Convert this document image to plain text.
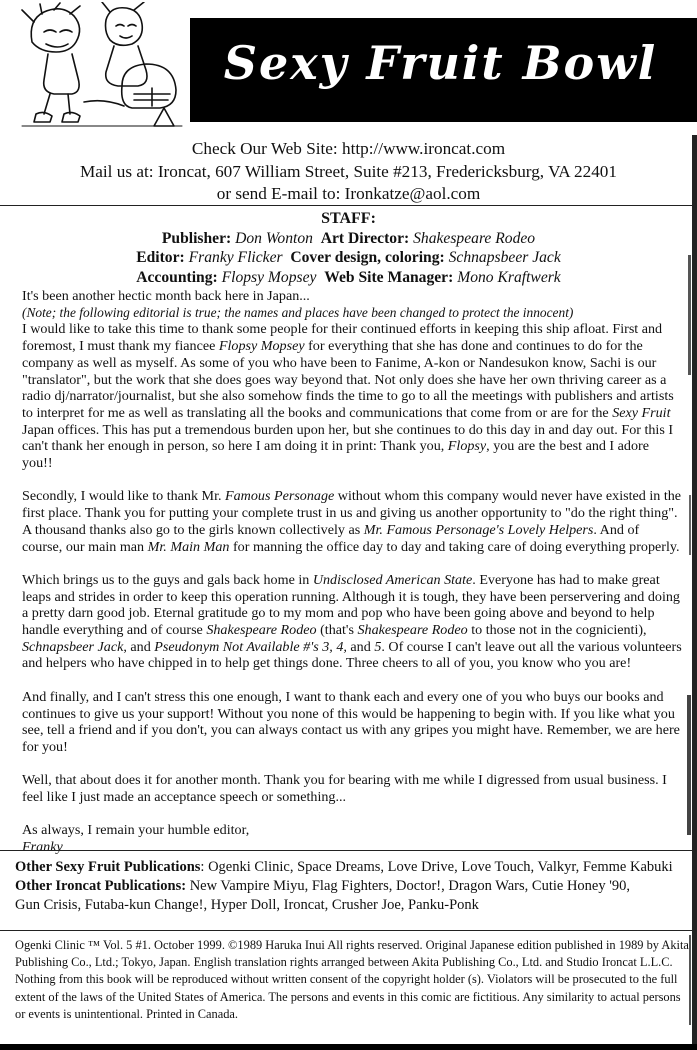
Sexy Fruit Bowl
Check Our Web Site: http://www.ironcat.com
Mail us at: Ironcat, 607 William Street, Suite #213, Fredericksburg, VA 22401
or send E-mail to: Ironkatze@aol.com
STAFF:
Publisher: Don Wonton Art Director: Shakespeare Rodeo
Editor: Franky Flicker Cover design, coloring: Schnapsbeer Jack
Accounting: Flopsy Mopsey Web Site Manager: Mono Kraftwerk

It's been another hectic month back here in Japan...

(Note; the following editorial is true; the names and places have been changed to protect the innocent)

I would like to take this time to thank some people for their continued efforts in keeping this ship afloat. First and foremost, I must thank my fiancee Flopsy Mopsey for everything that she has done and continues to do for the company as well as myself. As some of you who have been to Fanime, A-kon or Nandesukon know, Sachi is our "translator", but the work that she does goes way beyond that. Not only does she have her own thriving career as a radio dj/narrator/journalist, but she also somehow finds the time to go to all the meetings with publishers and artists to interpret for me as well as translating all the books and communications that come from or are for the Sexy Fruit Japan offices. This has put a tremendous burden upon her, but she continues to do this day in and day out. For this I can't thank her enough in person, so here I am doing it in print: Thank you, Flopsy, you are the best and I adore you!!

Secondly, I would like to thank Mr. Famous Personage without whom this company would never have existed in the first place. Thank you for putting your complete trust in us and giving us another opportunity to "do the right thing". A thousand thanks also go to the girls known collectively as Mr. Famous Personage's Lovely Helpers. And of course, our main man Mr. Main Man for manning the office day to day and taking care of doing everything properly.

Which brings us to the guys and gals back home in Undisclosed American State. Everyone has had to make great leaps and strides in order to keep this operation running. Although it is tough, they have been perservering and doing a pretty darn good job. Eternal gratitude go to my mom and pop who have been going above and beyond to help handle everything and of course Shakespeare Rodeo (that's Shakespeare Rodeo to those not in the cognicienti), Schnapsbeer Jack, and Pseudonym Not Available #'s 3, 4, and 5. Of course I can't leave out all the various volunteers and helpers who have chipped in to help get things done. Three cheers to all of you, you know who you are!

And finally, and I can't stress this one enough, I want to thank each and every one of you who buys our books and continues to give us your support! Without you none of this would be happening to begin with. If you like what you see, tell a friend and if you don't, you can always contact us with any gripes you might have. Remember, we are here for you!

Well, that about does it for another month. Thank you for bearing with me while I digressed from usual business. I feel like I just made an acceptance speech or something...

As always, I remain your humble editor,

Franky

Other Sexy Fruit Publications: Ogenki Clinic, Space Dreams, Love Drive, Love Touch, Valkyr, Femme Kabuki
Other Ironcat Publications: New Vampire Miyu, Flag Fighters, Doctor!, Dragon Wars, Cutie Honey '90,
Gun Crisis, Futaba-kun Change!, Hyper Doll, Ironcat, Crusher Joe, Panku-Ponk
Ogenki Clinic ™ Vol. 5 #1. October 1999. ©1989 Haruka Inui All rights reserved. Original Japanese edition published in 1989 by Akita Publishing Co., Ltd.; Tokyo, Japan. English translation rights arranged between Akita Publishing Co., Ltd. and Studio Ironcat L.L.C. Nothing from this book will be reproduced without written consent of the copyright holder (s). Violators will be prosecuted to the full extent of the laws of the United States of America. The persons and events in this comic are fictitious. Any similarity to actual persons or events is unintentional. Printed in Canada.
